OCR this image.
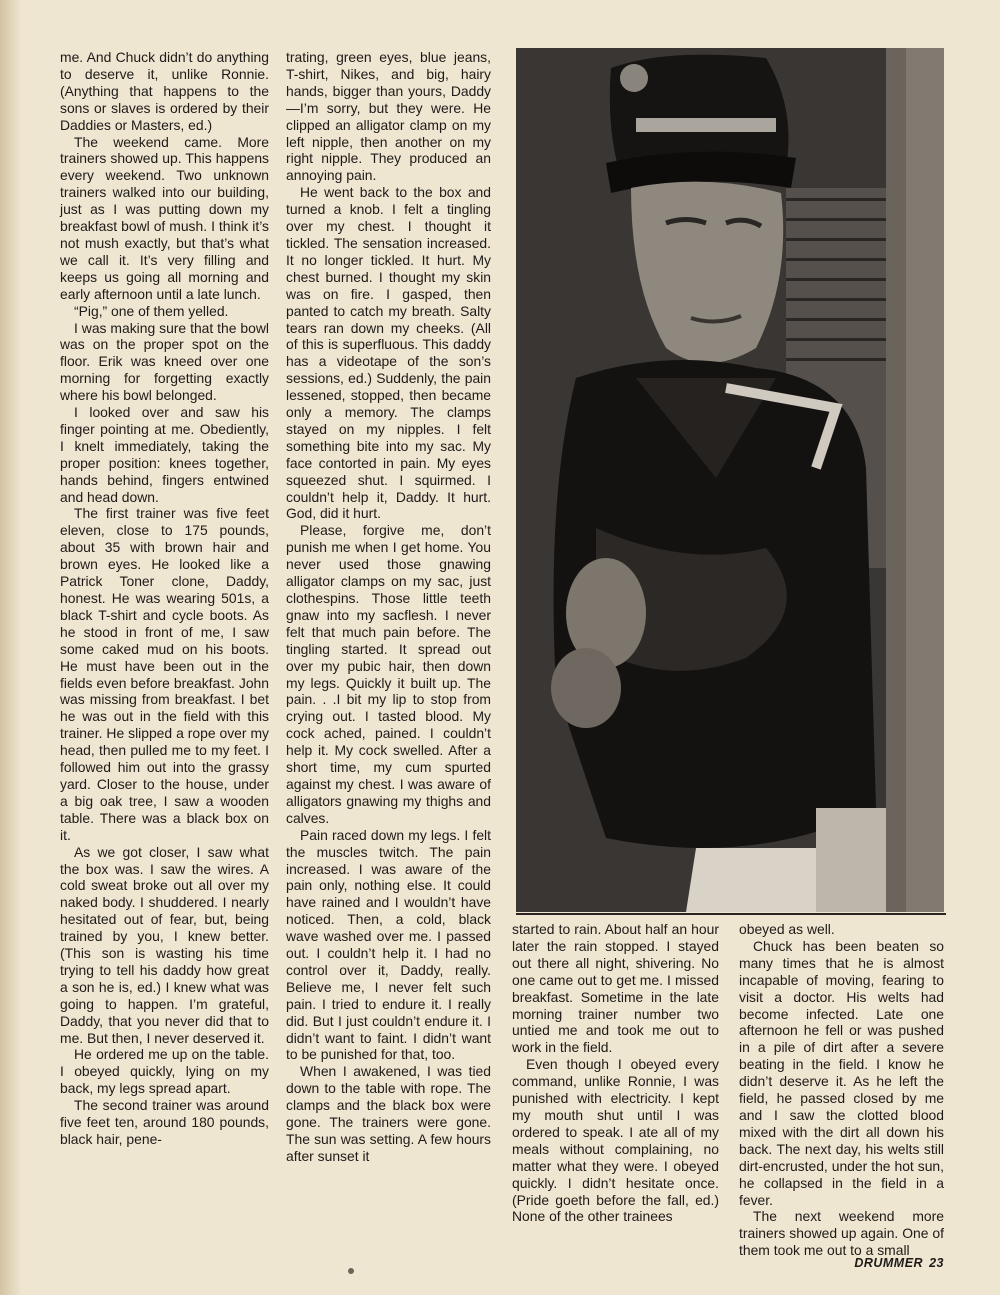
me. And Chuck didn’t do anything to deserve it, unlike Ronnie. (Anything that happens to the sons or slaves is ordered by their Daddies or Masters, ed.)

The weekend came. More trainers showed up. This happens every weekend. Two unknown trainers walked into our building, just as I was putting down my breakfast bowl of mush. I think it’s not mush exactly, but that’s what we call it. It’s very filling and keeps us going all morning and early afternoon until a late lunch.

“Pig,” one of them yelled.

I was making sure that the bowl was on the proper spot on the floor. Erik was kneed over one morning for forgetting exactly where his bowl belonged.

I looked over and saw his finger pointing at me. Obediently, I knelt immediately, taking the proper position: knees together, hands behind, fingers entwined and head down.

The first trainer was five feet eleven, close to 175 pounds, about 35 with brown hair and brown eyes. He looked like a Patrick Toner clone, Daddy, honest. He was wearing 501s, a black T-shirt and cycle boots. As he stood in front of me, I saw some caked mud on his boots. He must have been out in the fields even before breakfast. John was missing from breakfast. I bet he was out in the field with this trainer. He slipped a rope over my head, then pulled me to my feet. I followed him out into the grassy yard. Closer to the house, under a big oak tree, I saw a wooden table. There was a black box on it.

As we got closer, I saw what the box was. I saw the wires. A cold sweat broke out all over my naked body. I shuddered. I nearly hesitated out of fear, but, being trained by you, I knew better. (This son is wasting his time trying to tell his daddy how great a son he is, ed.) I knew what was going to happen. I’m grateful, Daddy, that you never did that to me. But then, I never deserved it.

He ordered me up on the table. I obeyed quickly, lying on my back, my legs spread apart.

The second trainer was around five feet ten, around 180 pounds, black hair, pene-

trating, green eyes, blue jeans, T-shirt, Nikes, and big, hairy hands, bigger than yours, Daddy—I’m sorry, but they were. He clipped an alligator clamp on my left nipple, then another on my right nipple. They produced an annoying pain.

He went back to the box and turned a knob. I felt a tingling over my chest. I thought it tickled. The sensation increased. It no longer tickled. It hurt. My chest burned. I thought my skin was on fire. I gasped, then panted to catch my breath. Salty tears ran down my cheeks. (All of this is superfluous. This daddy has a videotape of the son’s sessions, ed.) Suddenly, the pain lessened, stopped, then became only a memory. The clamps stayed on my nipples. I felt something bite into my sac. My face contorted in pain. My eyes squeezed shut. I squirmed. I couldn’t help it, Daddy. It hurt. God, did it hurt.

Please, forgive me, don’t punish me when I get home. You never used those gnawing alligator clamps on my sac, just clothespins. Those little teeth gnaw into my sacflesh. I never felt that much pain before. The tingling started. It spread out over my pubic hair, then down my legs. Quickly it built up. The pain. . .I bit my lip to stop from crying out. I tasted blood. My cock ached, pained. I couldn’t help it. My cock swelled. After a short time, my cum spurted against my chest. I was aware of alligators gnawing my thighs and calves.

Pain raced down my legs. I felt the muscles twitch. The pain increased. I was aware of the pain only, nothing else. It could have rained and I wouldn’t have noticed. Then, a cold, black wave washed over me. I passed out. I couldn’t help it. I had no control over it, Daddy, really. Believe me, I never felt such pain. I tried to endure it. I really did. But I just couldn’t endure it. I didn’t want to faint. I didn’t want to be punished for that, too.

When I awakened, I was tied down to the table with rope. The clamps and the black box were gone. The trainers were gone. The sun was setting. A few hours after sunset it

started to rain. About half an hour later the rain stopped. I stayed out there all night, shivering. No one came out to get me. I missed breakfast. Sometime in the late morning trainer number two untied me and took me out to work in the field.

Even though I obeyed every command, unlike Ronnie, I was punished with electricity. I kept my mouth shut until I was ordered to speak. I ate all of my meals without complaining, no matter what they were. I obeyed quickly. I didn’t hesitate once. (Pride goeth before the fall, ed.) None of the other trainees

obeyed as well.

Chuck has been beaten so many times that he is almost incapable of moving, fearing to visit a doctor. His welts had become infected. Late one afternoon he fell or was pushed in a pile of dirt after a severe beating in the field. I know he didn’t deserve it. As he left the field, he passed closed by me and I saw the clotted blood mixed with the dirt all down his back. The next day, his welts still dirt-encrusted, under the hot sun, he collapsed in the field in a fever.

The next weekend more trainers showed up again. One of them took me out to a small

DRUMMER 23
